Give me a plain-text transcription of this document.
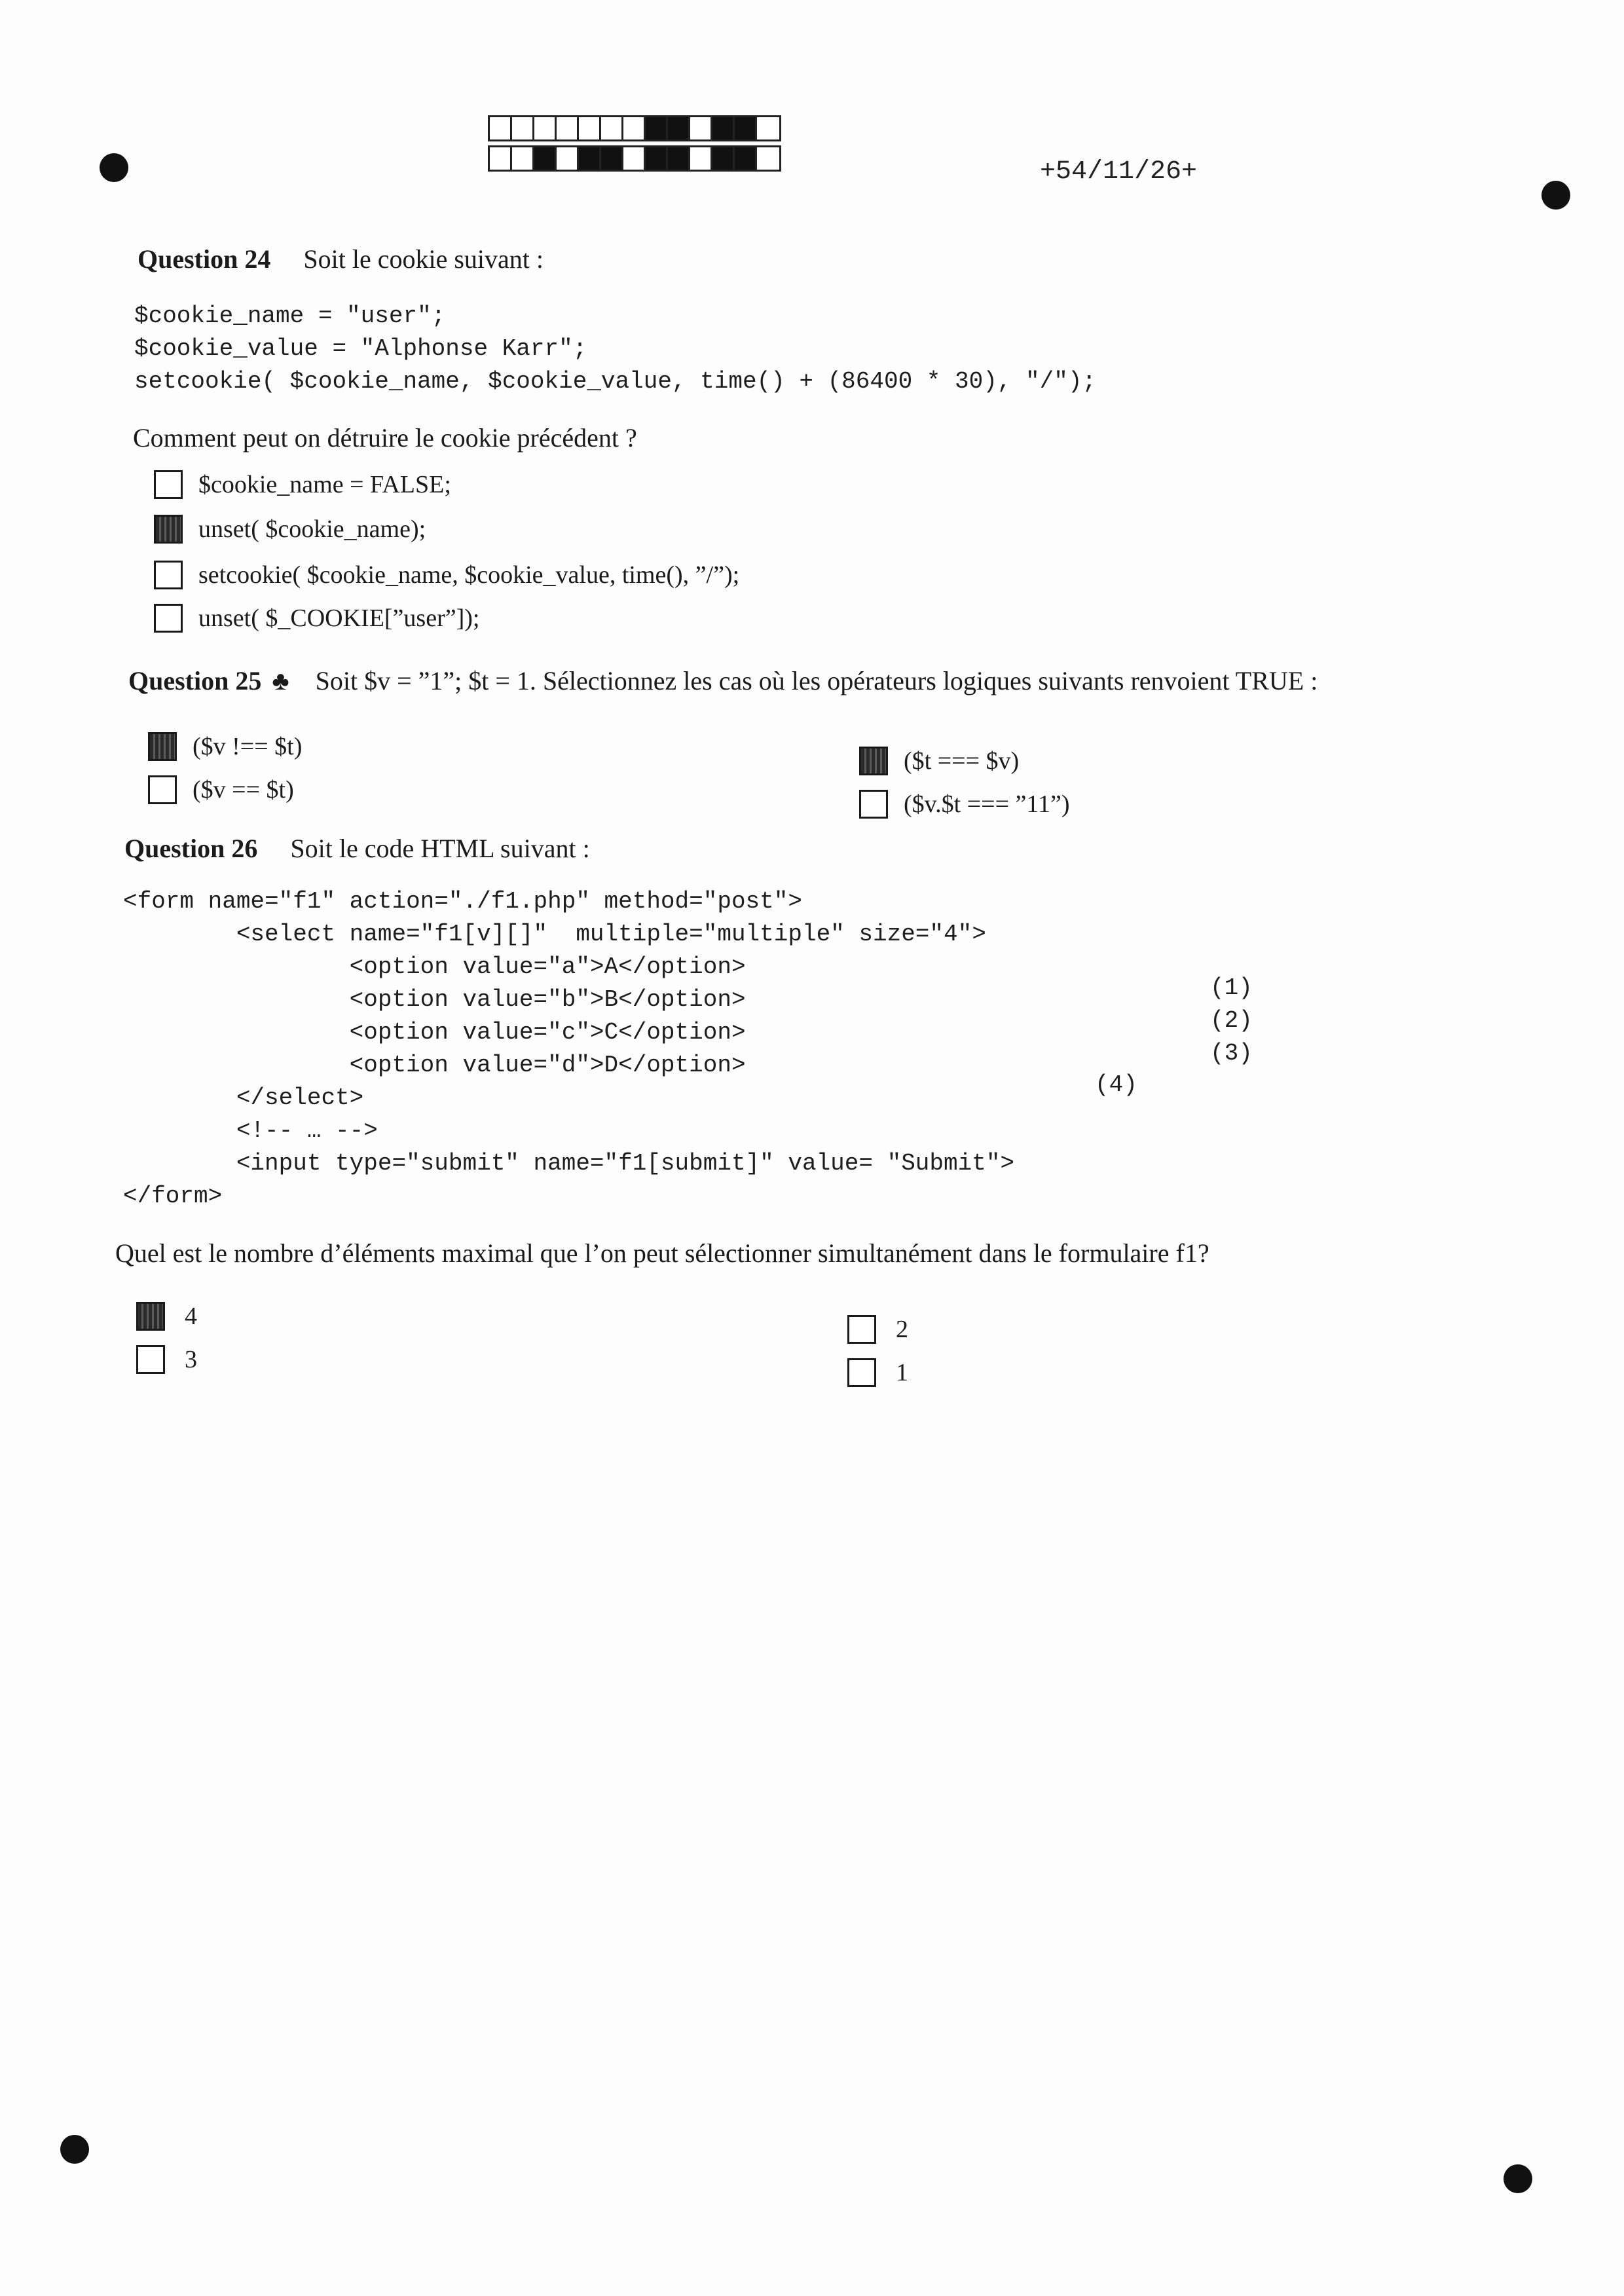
+54/11/26+
Question 24 Soit le cookie suivant :
$cookie_name = "user";
$cookie_value = "Alphonse Karr";
setcookie( $cookie_name, $cookie_value, time() + (86400 * 30), "/");
Comment peut on détruire le cookie précédent ?
$cookie_name = FALSE;
unset( $cookie_name);
setcookie( $cookie_name, $cookie_value, time(), ”/”);
unset( $_COOKIE[”user”]);
Question 25 ♣ Soit $v = ”1”; $t = 1. Sélectionnez les cas où les opérateurs logiques suivants renvoient TRUE :
($v !== $t)
($v == $t)
($t === $v)
($v.$t === ”11”)
Question 26 Soit le code HTML suivant :
<form name="f1" action="./f1.php" method="post">
<select name="f1[v][]"  multiple="multiple" size="4">
<option value="a">A</option>
<option value="b">B</option>
<option value="c">C</option>
<option value="d">D</option>
</select>
<!-- … -->
<input type="submit" name="f1[submit]" value= "Submit">
</form>
(1)
(2)
(3)
(4)
Quel est le nombre d’éléments maximal que l’on peut sélectionner simultanément dans le formulaire f1?
4
3
2
1
